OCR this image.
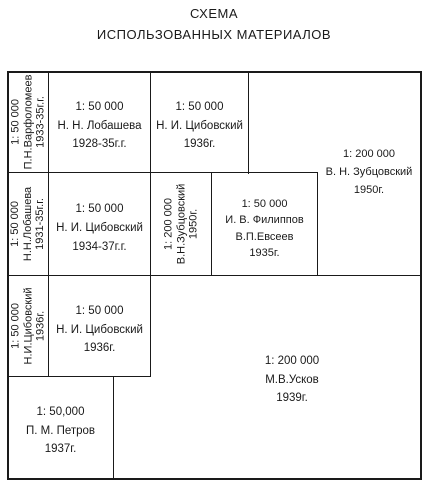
СХЕМА
ИСПОЛЬЗОВАННЫХ МАТЕРИАЛОВ
1: 50 000 П.Н.Варфоломеев 1933-35г.г.	1: 50 000
Н. Н. Лобашева
1928-35г.г.
1: 50 000
Н. И. Цибовский
1936г.
1: 200 000
В. Н. Зубцовский
1950г.
1: 50 000 Н.Н.Лобашева 1931-35г.г.	1: 50 000
Н. И. Цибовский
1934-37г.г.	1: 200 000 В.Н.Зубцовский 1950г.
1: 50 000
И. В. Филиппов
В.П.Евсеев
1935г.
1: 50 000 Н.И.Цибовский 1936г.
1: 50 000
Н. И. Цибовский
1936г.
1: 200 000
М.В.Усков
1939г.
1: 50,000
П. М. Петров
1937г.
